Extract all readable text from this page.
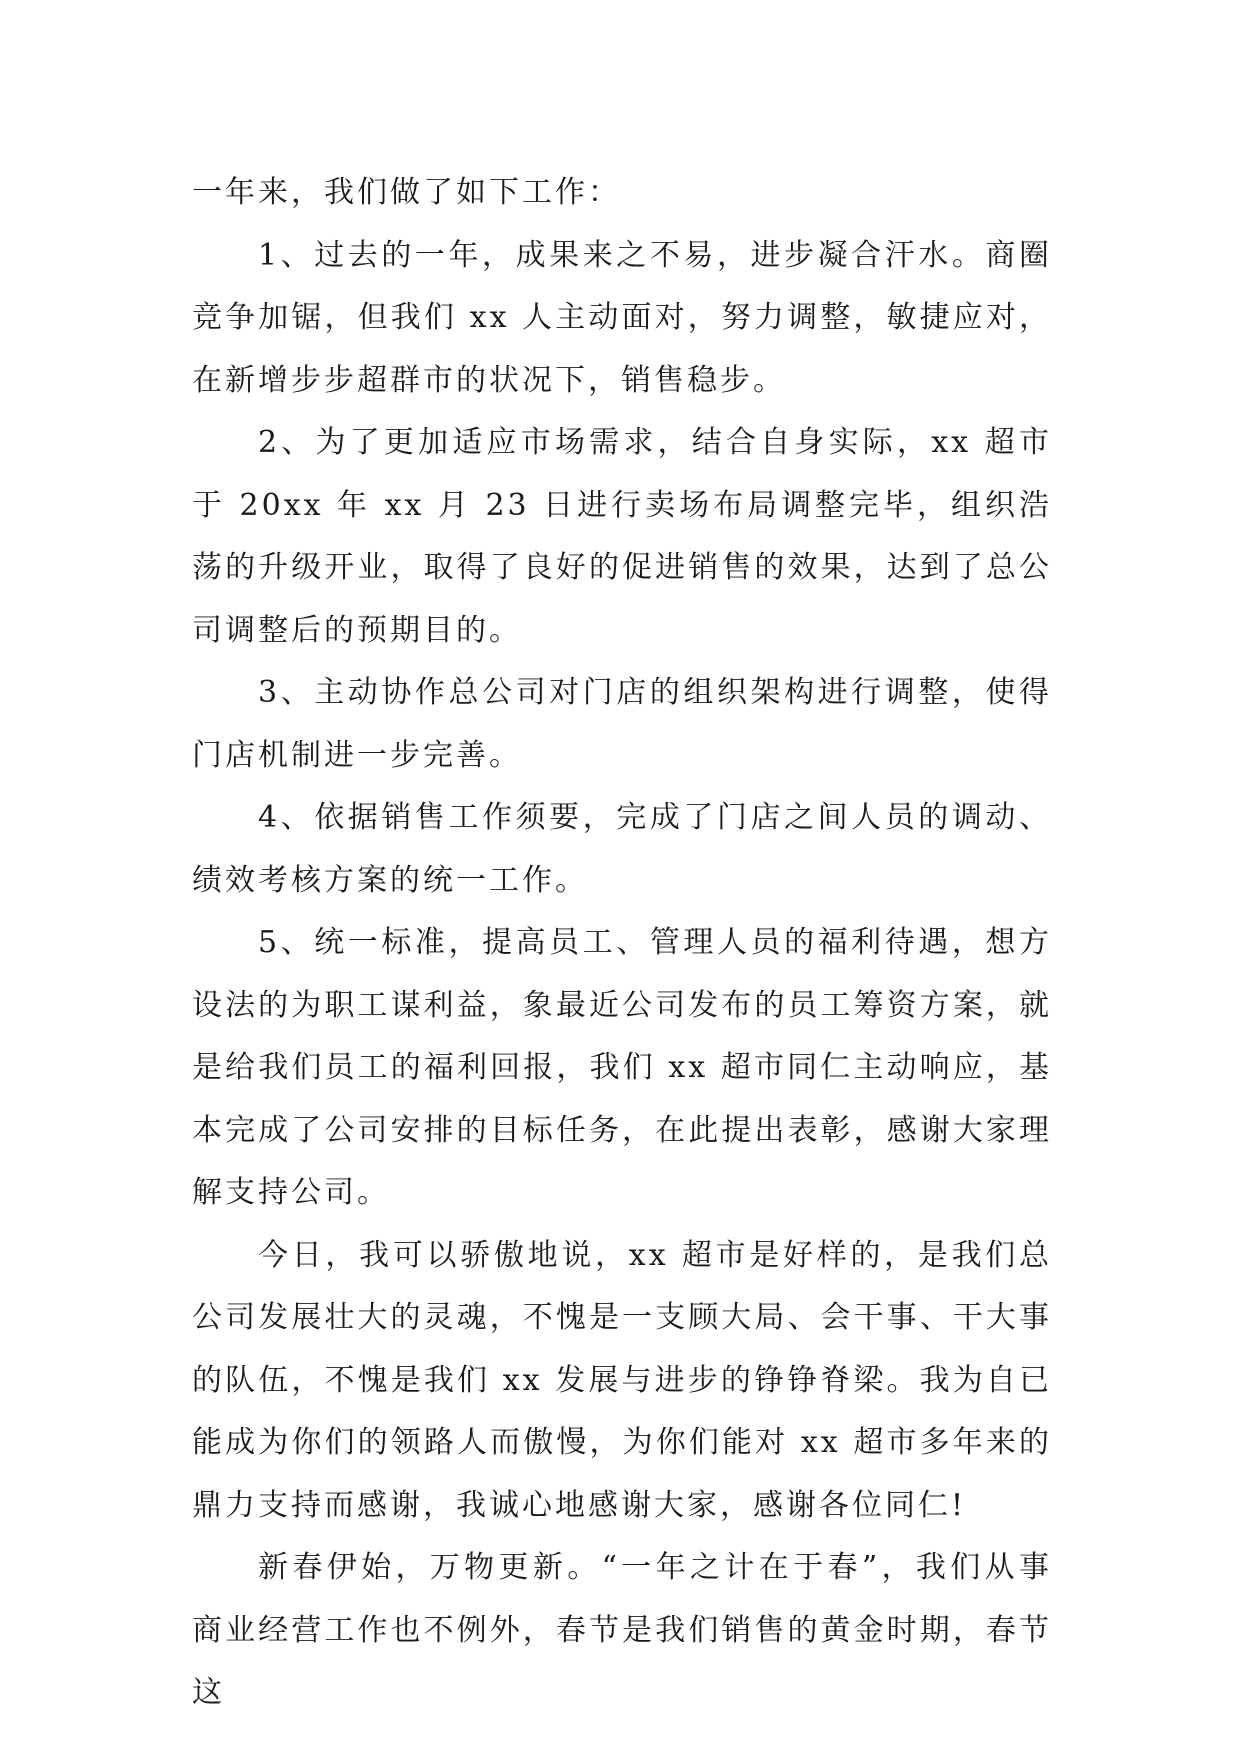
一年来，我们做了如下工作：

1、过去的一年，成果来之不易，进步凝合汗水。商圈竞争加锯，但我们 xx 人主动面对，努力调整，敏捷应对，在新增步步超群市的状况下，销售稳步。

2、为了更加适应市场需求，结合自身实际，xx 超市于 20xx 年 xx 月 23 日进行卖场布局调整完毕，组织浩荡的升级开业，取得了良好的促进销售的效果，达到了总公司调整后的预期目的。

3、主动协作总公司对门店的组织架构进行调整，使得门店机制进一步完善。

4、依据销售工作须要，完成了门店之间人员的调动、绩效考核方案的统一工作。

5、统一标准，提高员工、管理人员的福利待遇，想方设法的为职工谋利益，象最近公司发布的员工筹资方案，就是给我们员工的福利回报，我们 xx 超市同仁主动响应，基本完成了公司安排的目标任务，在此提出表彰，感谢大家理解支持公司。

今日，我可以骄傲地说，xx 超市是好样的，是我们总公司发展壮大的灵魂，不愧是一支顾大局、会干事、干大事的队伍，不愧是我们 xx 发展与进步的铮铮脊梁。我为自已能成为你们的领路人而傲慢，为你们能对 xx 超市多年来的鼎力支持而感谢，我诚心地感谢大家，感谢各位同仁!

新春伊始，万物更新。“一年之计在于春”，我们从事商业经营工作也不例外，春节是我们销售的黄金时期，春节这
